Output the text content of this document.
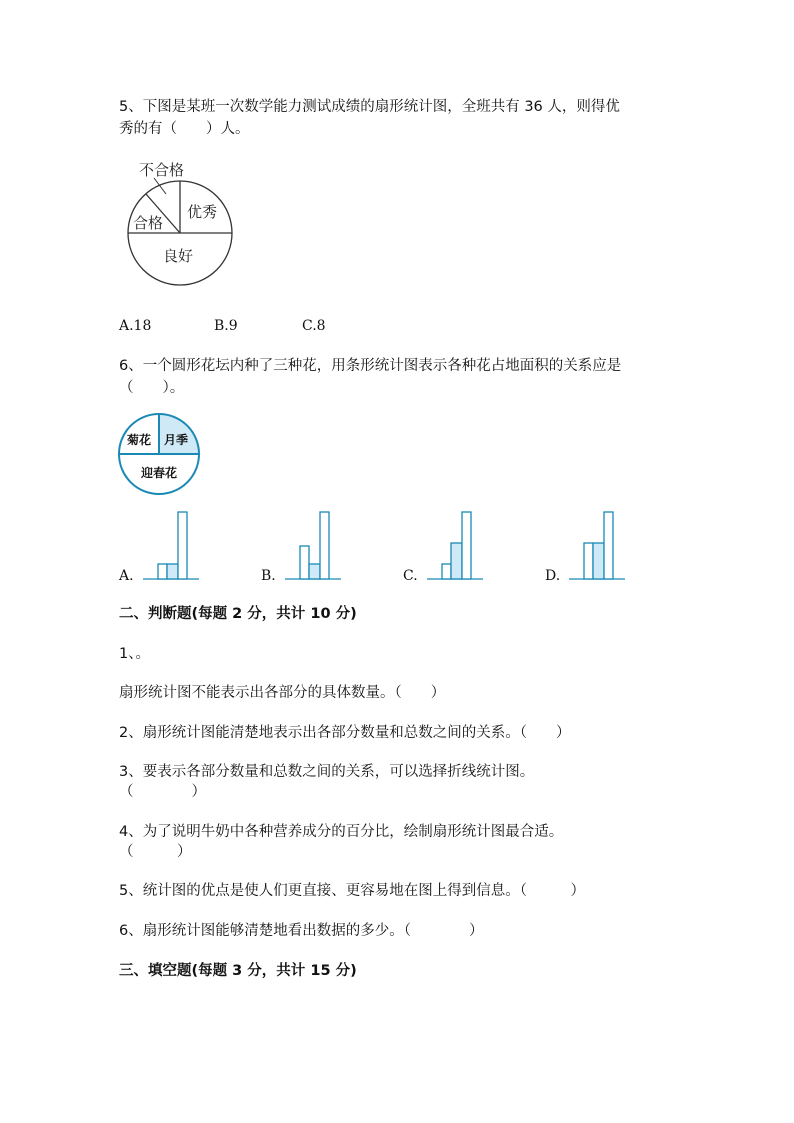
5、下图是某班一次数学能力测试成绩的扇形统计图，全班共有 36 人，则得优
秀的有（　　）人。
不合格
合格
优秀
良好
A.18	B.9	C.8
6、一个圆形花坛内种了三种花，用条形统计图表示各种花占地面积的关系应是
（　　）。
菊花 月季
迎春花
A.	B.	C.	D.
二、判断题(每题 2 分，共计 10 分)
1、。
扇形统计图不能表示出各部分的具体数量。（　　）
2、扇形统计图能清楚地表示出各部分数量和总数之间的关系。（　　）
3、要表示各部分数量和总数之间的关系，可以选择折线统计图。
（　　　　）
4、为了说明牛奶中各种营养成分的百分比，绘制扇形统计图最合适。
（　　　）
5、统计图的优点是使人们更直接、更容易地在图上得到信息。（　　　）
6、扇形统计图能够清楚地看出数据的多少。（　　　　）
三、填空题(每题 3 分，共计 15 分)
